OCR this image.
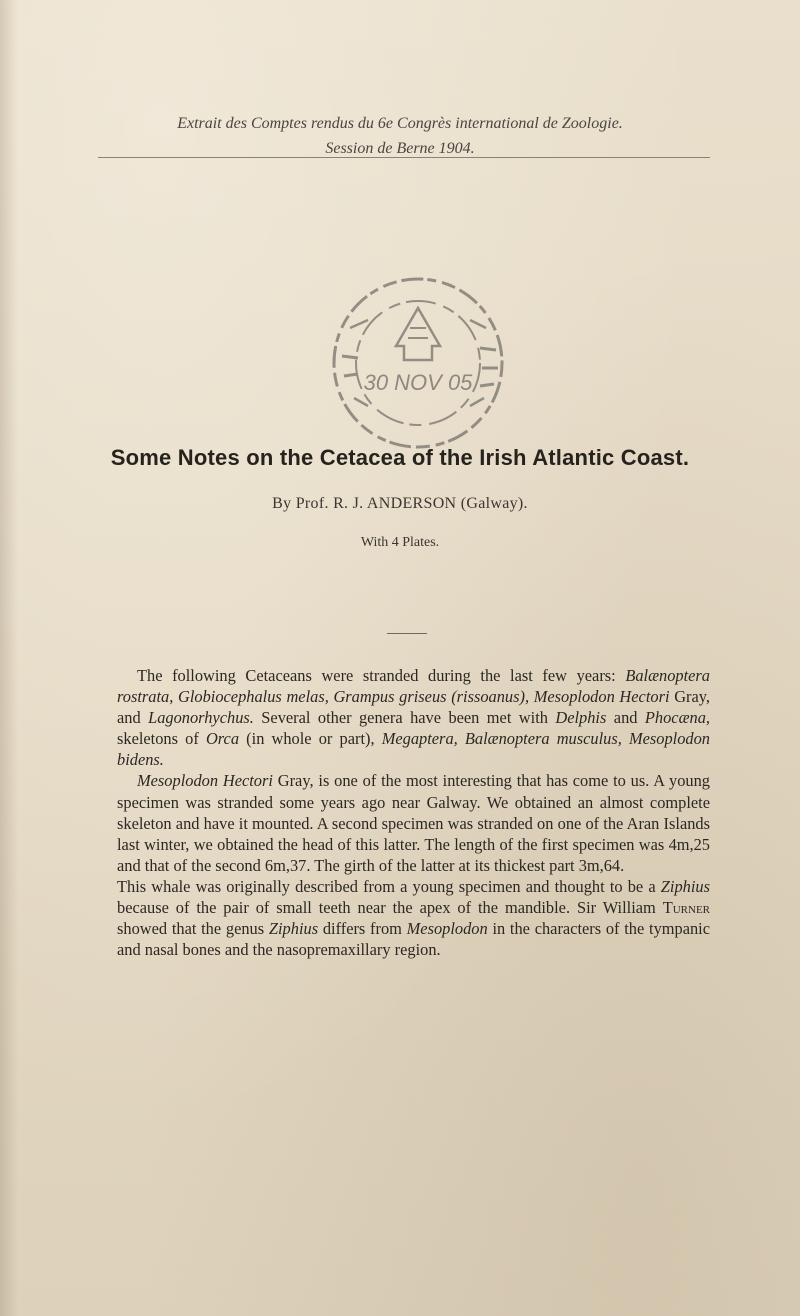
Extrait des Comptes rendus du 6e Congrès international de Zoologie.
Session de Berne 1904.
30 NOV 05
Some Notes on the Cetacea of the Irish Atlantic Coast.
By Prof. R. J. ANDERSON (Galway).
With 4 Plates.

The following Cetaceans were stranded during the last few years: Balænoptera rostrata, Globiocephalus melas, Grampus griseus (rissoanus), Mesoplodon Hectori Gray, and Lagonorhychus. Several other genera have been met with Delphis and Phocæna, skeletons of Orca (in whole or part), Megaptera, Balænoptera musculus, Mesoplodon bidens.

Mesoplodon Hectori Gray, is one of the most interesting that has come to us. A young specimen was stranded some years ago near Galway. We obtained an almost complete skeleton and have it mounted. A second specimen was stranded on one of the Aran Islands last winter, we obtained the head of this latter. The length of the first specimen was 4m,25 and that of the second 6m,37. The girth of the latter at its thickest part 3m,64.

This whale was originally described from a young specimen and thought to be a Ziphius because of the pair of small teeth near the apex of the mandible. Sir William Turner showed that the genus Ziphius differs from Mesoplodon in the characters of the tympanic and nasal bones and the nasopremaxillary region.
